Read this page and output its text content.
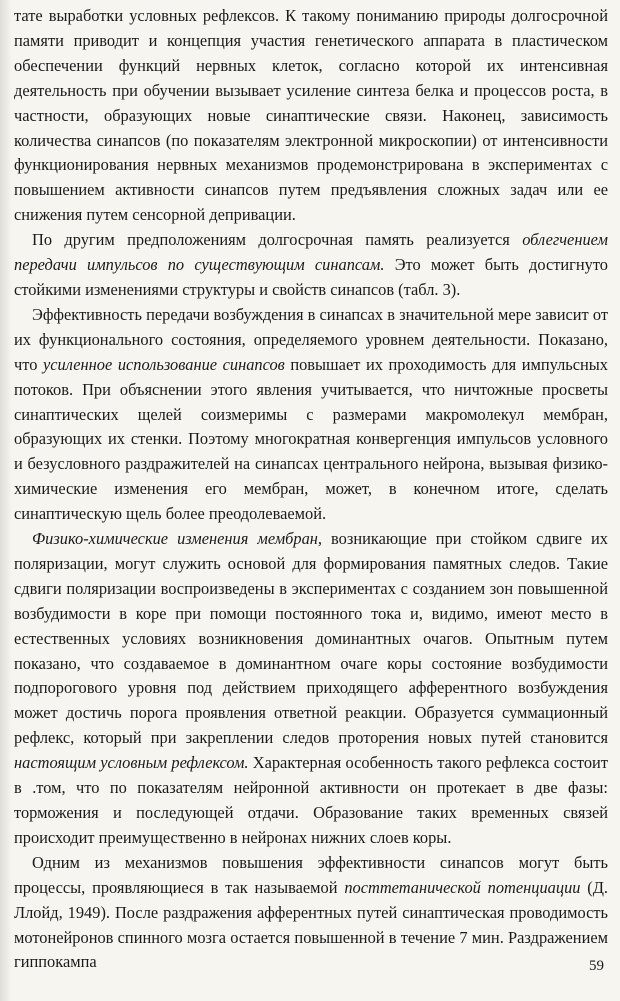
тате выработки условных рефлексов. К такому пониманию природы долгосрочной памяти приводит и концепция участия генетического аппарата в пластическом обеспечении функций нервных клеток, согласно которой их интенсивная деятельность при обучении вызывает усиление синтеза белка и процессов роста, в частности, образующих новые синаптические связи. Наконец, зависимость количества синапсов (по показателям электронной микроскопии) от интенсивности функционирования нервных механизмов продемонстрирована в экспериментах с повышением активности синапсов путем предъявления сложных задач или ее снижения путем сенсорной депривации.

По другим предположениям долгосрочная память реализуется облегчением передачи импульсов по существующим синапсам. Это может быть достигнуто стойкими изменениями структуры и свойств синапсов (табл. 3).

Эффективность передачи возбуждения в синапсах в значительной мере зависит от их функционального состояния, определяемого уровнем деятельности. Показано, что усиленное использование синапсов повышает их проходимость для импульсных потоков. При объяснении этого явления учитывается, что ничтожные просветы синаптических щелей соизмеримы с размерами макромолекул мембран, образующих их стенки. Поэтому многократная конвергенция импульсов условного и безусловного раздражителей на синапсах центрального нейрона, вызывая физико-химические изменения его мембран, может, в конечном итоге, сделать синаптическую щель более преодолеваемой.

Физико-химические изменения мембран, возникающие при стойком сдвиге их поляризации, могут служить основой для формирования памятных следов. Такие сдвиги поляризации воспроизведены в экспериментах с созданием зон повышенной возбудимости в коре при помощи постоянного тока и, видимо, имеют место в естественных условиях возникновения доминантных очагов. Опытным путем показано, что создаваемое в доминантном очаге коры состояние возбудимости подпорогового уровня под действием приходящего афферентного возбуждения может достичь порога проявления ответной реакции. Образуется суммационный рефлекс, который при закреплении следов проторения новых путей становится настоящим условным рефлексом. Характерная особенность такого рефлекса состоит в .том, что по показателям нейронной активности он протекает в две фазы: торможения и последующей отдачи. Образование таких временных связей происходит преимущественно в нейронах нижних слоев коры.

Одним из механизмов повышения эффективности синапсов могут быть процессы, проявляющиеся в так называемой посттетанической потенциации (Д. Ллойд, 1949). После раздражения афферентных путей синаптическая проводимость мотонейронов спинного мозга остается повышенной в течение 7 мин. Раздражением гиппокампа	59
